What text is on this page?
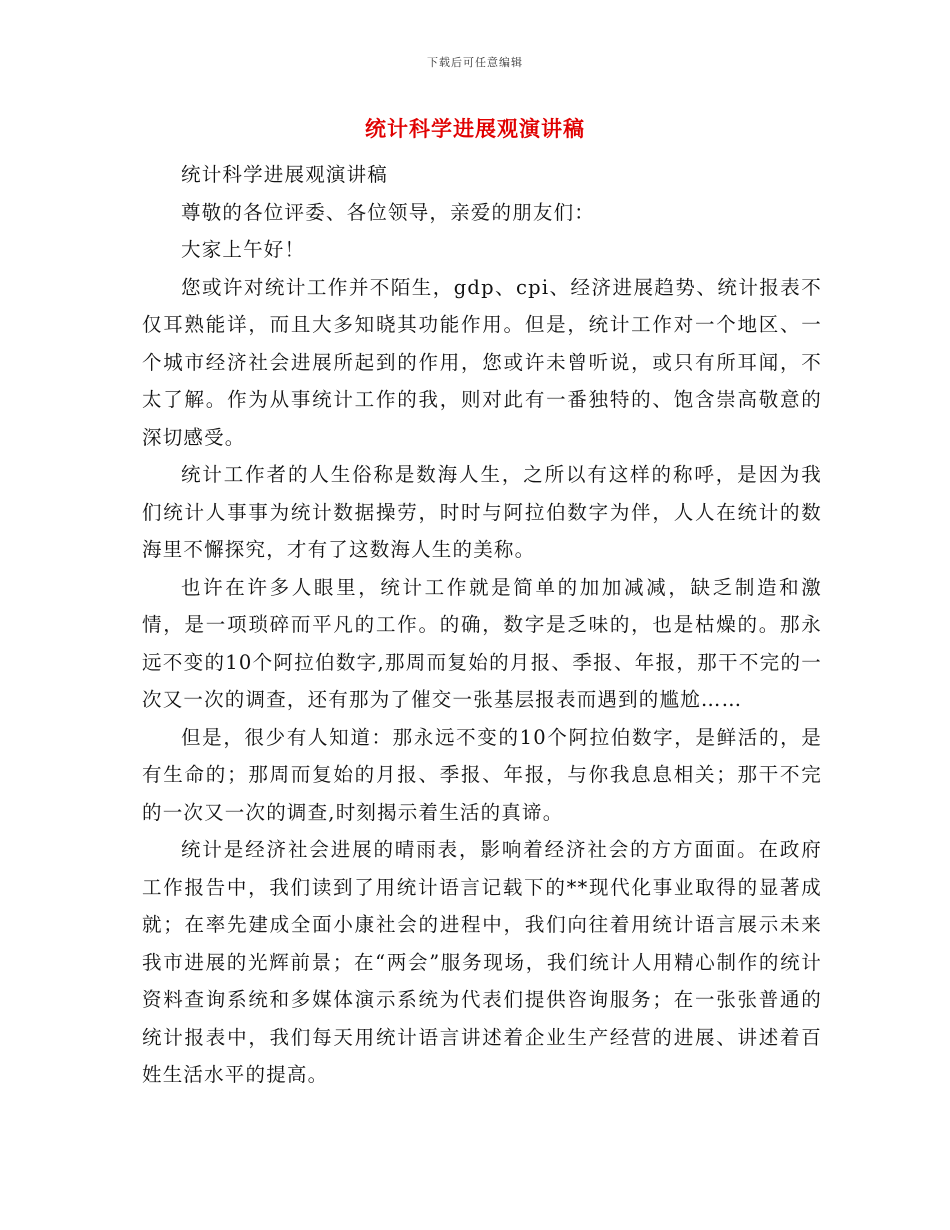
下载后可任意编辑
统计科学进展观演讲稿

统计科学进展观演讲稿

尊敬的各位评委、各位领导，亲爱的朋友们：

大家上午好！

您或许对统计工作并不陌生，gdp、cpi、经济进展趋势、统计报表不仅耳熟能详，而且大多知晓其功能作用。但是，统计工作对一个地区、一个城市经济社会进展所起到的作用，您或许未曾听说，或只有所耳闻，不太了解。作为从事统计工作的我，则对此有一番独特的、饱含崇高敬意的深切感受。

统计工作者的人生俗称是数海人生，之所以有这样的称呼，是因为我们统计人事事为统计数据操劳，时时与阿拉伯数字为伴，人人在统计的数海里不懈探究，才有了这数海人生的美称。

也许在许多人眼里，统计工作就是简单的加加减减，缺乏制造和激情，是一项琐碎而平凡的工作。的确，数字是乏味的，也是枯燥的。那永远不变的10个阿拉伯数字,那周而复始的月报、季报、年报，那干不完的一次又一次的调查，还有那为了催交一张基层报表而遇到的尴尬……

但是，很少有人知道：那永远不变的10个阿拉伯数字，是鲜活的，是有生命的；那周而复始的月报、季报、年报，与你我息息相关；那干不完的一次又一次的调查,时刻揭示着生活的真谛。

统计是经济社会进展的晴雨表，影响着经济社会的方方面面。在政府工作报告中，我们读到了用统计语言记载下的**现代化事业取得的显著成就；在率先建成全面小康社会的进程中，我们向往着用统计语言展示未来我市进展的光辉前景；在“两会”服务现场，我们统计人用精心制作的统计资料查询系统和多媒体演示系统为代表们提供咨询服务；在一张张普通的统计报表中，我们每天用统计语言讲述着企业生产经营的进展、讲述着百姓生活水平的提高。
